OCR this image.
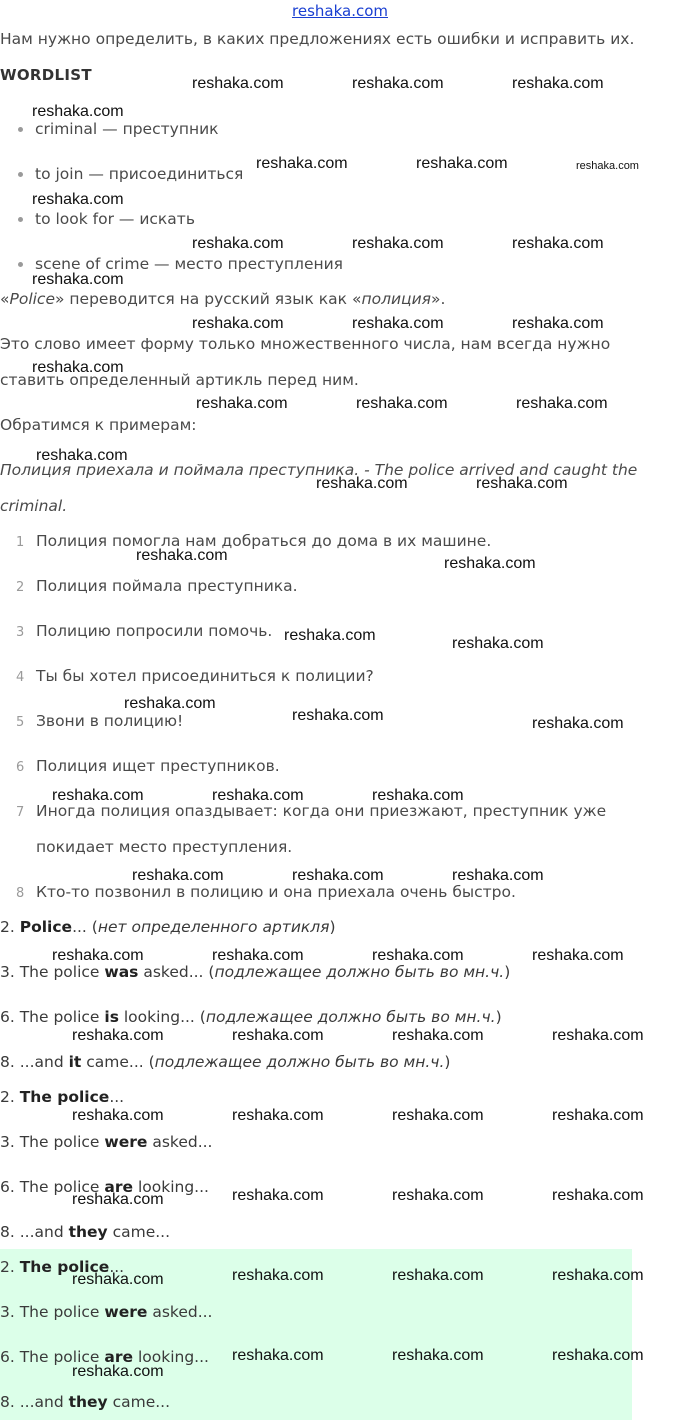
reshaka.com
Нам нужно определить, в каких предложениях есть ошибки и исправить их.
WORDLIST
criminal — преступник
to join — присоединиться
to look for — искать
scene of crime — место преступления
«Police» переводится на русский язык как «полиция».
Это слово имеет форму только множественного числа, нам всегда нужно
ставить определенный артикль перед ним.
Обратимся к примерам:
Полиция приехала и поймала преступника. - The police arrived and caught the
criminal.
1 Полиция помогла нам добраться до дома в их машине.
2 Полиция поймала преступника.
3 Полицию попросили помочь.
4 Ты бы хотел присоединиться к полиции?
5 Звони в полицию!
6 Полиция ищет преступников.
7 Иногда полиция опаздывает: когда они приезжают, преступник уже
покидает место преступления.
8 Кто-то позвонил в полицию и она приехала очень быстро.
2. Police... (нет определенного артикля)
3. The police was asked... (подлежащее должно быть во мн.ч.)
6. The police is looking... (подлежащее должно быть во мн.ч.)
8. ...and it came... (подлежащее должно быть во мн.ч.)
2. The police...
3. The police were asked...
6. The police are looking...
8. ...and they came...
2. The police...
3. The police were asked...
6. The police are looking...
8. ...and they came...
reshaka.com	reshaka.com	reshaka.com
reshaka.com
reshaka.com	reshaka.com	reshaka.com
reshaka.com
reshaka.com	reshaka.com	reshaka.com
reshaka.com
reshaka.com	reshaka.com	reshaka.com
reshaka.com
reshaka.com	reshaka.com	reshaka.com
reshaka.com
reshaka.com	reshaka.com
reshaka.com	reshaka.com
reshaka.com	reshaka.com
reshaka.com
reshaka.com	reshaka.com
reshaka.com	reshaka.com	reshaka.com
reshaka.com	reshaka.com	reshaka.com
reshaka.com	reshaka.com	reshaka.com	reshaka.com
reshaka.com	reshaka.com	reshaka.com	reshaka.com
reshaka.com	reshaka.com	reshaka.com	reshaka.com
reshaka.com	reshaka.com	reshaka.com	reshaka.com
reshaka.com	reshaka.com	reshaka.com	reshaka.com
reshaka.com
reshaka.com	reshaka.com	reshaka.com
